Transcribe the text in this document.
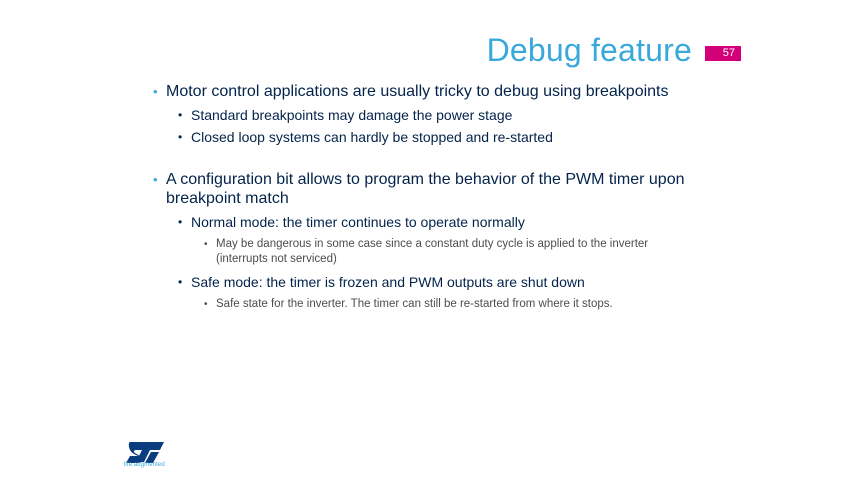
Debug feature	57
• Motor control applications are usually tricky to debug using breakpoints
• Standard breakpoints may damage the power stage
• Closed loop systems can hardly be stopped and re-started
• A configuration bit allows to program the behavior of the PWM timer upon breakpoint match
• Normal mode: the timer continues to operate normally
• May be dangerous in some case since a constant duty cycle is applied to the inverter (interrupts not serviced)
• Safe mode: the timer is frozen and PWM outputs are shut down
• Safe state for the inverter. The timer can still be re-started from where it stops.
life.augmented
